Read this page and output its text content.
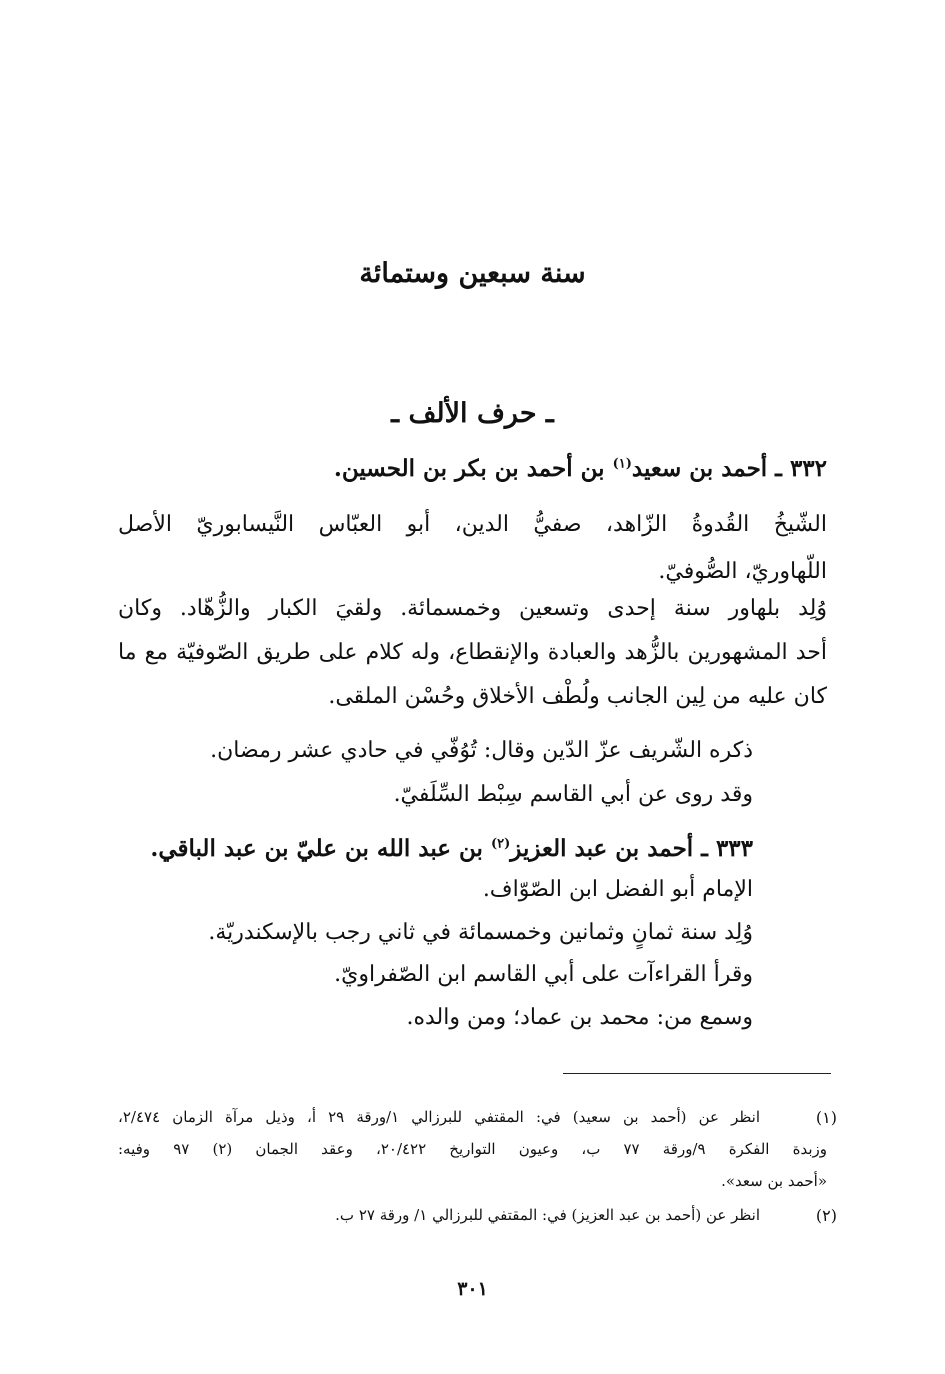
سنة سبعين وستمائة
ـ حرف الألف ـ
٣٣٢ ـ أحمد بن سعيد$^{(١)}$ بن أحمد بن بكر بن الحسين.
الشّيخُ القُدوةُ الزّاهد، صفيُّ الدين، أبو العبّاس النَّيسابوريّ الأصل
اللّهاوريّ، الصُّوفيّ.
وُلِد بلهاور سنة إحدى وتسعين وخمسمائة. ولقيَ الكبار والزُّهّاد. وكان
أحد المشهورين بالزُّهد والعبادة والإنقطاع، وله كلام على طريق الصّوفيّة مع ما
كان عليه من لِين الجانب ولُطْف الأخلاق وحُسْن الملقى.
ذكره الشّريف عزّ الدّين وقال: تُوُفّي في حادي عشر رمضان.
وقد روى عن أبي القاسم سِبْط السِّلَفيّ.
٣٣٣ ـ أحمد بن عبد العزيز$^{(٢)}$ بن عبد الله بن عليّ بن عبد الباقي.
الإمام أبو الفضل ابن الصّوّاف.
وُلِد سنة ثمانٍ وثمانين وخمسمائة في ثاني رجب بالإسكندريّة.
وقرأ القراءآت على أبي القاسم ابن الصّفراويّ.
وسمع من: محمد بن عماد؛ ومن والده.
(١)
انظر عن (أحمد بن سعيد) في: المقتفي للبرزالي ١/ورقة ٢٩ أ، وذيل مرآة الزمان ٢/٤٧٤،
وزبدة الفكرة ٩/ورقة ٧٧ ب، وعيون التواريخ ٢٠/٤٢٢، وعقد الجمان (٢) ٩٧ وفيه:
«أحمد بن سعد».
(٢)
انظر عن (أحمد بن عبد العزيز) في: المقتفي للبرزالي ١/ ورقة ٢٧ ب.
٣٠١
